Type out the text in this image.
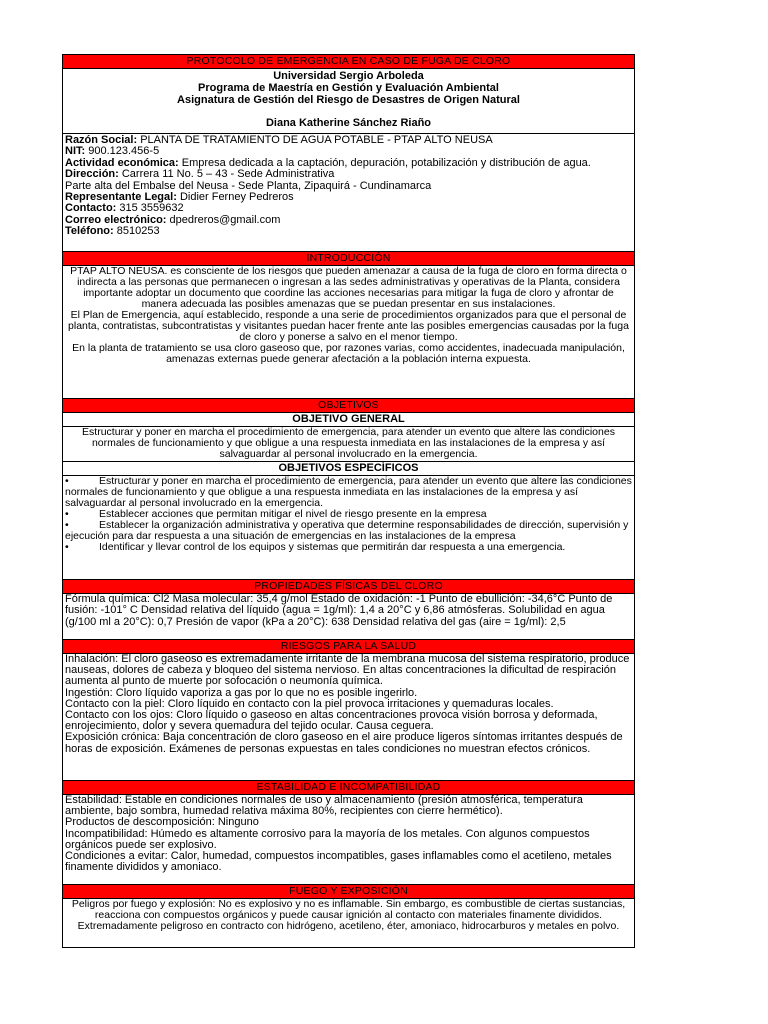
PROTOCOLO DE EMERGENCIA EN CASO DE FUGA DE CLORO
Universidad Sergio Arboleda
Programa de Maestría en Gestión y Evaluación Ambiental
Asignatura de Gestión del Riesgo de Desastres de Origen Natural
Diana Katherine Sánchez Riaño

Razón Social: PLANTA DE TRATAMIENTO DE AGUA POTABLE - PTAP ALTO NEUSA

NIT: 900.123.456-5

Actividad económica: Empresa dedicada a la captación, depuración, potabilización y distribución de agua.

Dirección: Carrera 11 No. 5 – 43 - Sede Administrativa

Parte alta del Embalse del Neusa - Sede Planta, Zipaquirá - Cundinamarca

Representante Legal: Didier Ferney Pedreros

Contacto: 315 3559632

Correo electrónico: dpedreros@gmail.com

Teléfono: 8510253

INTRODUCCIÓN

PTAP ALTO NEUSA. es consciente de los riesgos que pueden amenazar a causa de la fuga de cloro en forma directa o indirecta a las personas que permanecen o ingresan a las sedes administrativas y operativas de la Planta, considera importante adoptar un documento que coordine las acciones necesarias para mitigar la fuga de cloro y afrontar de manera adecuada las posibles amenazas que se puedan presentar en sus instalaciones.

El Plan de Emergencia, aquí establecido, responde a una serie de procedimientos organizados para que el personal de planta, contratistas, subcontratistas y visitantes puedan hacer frente ante las posibles emergencias causadas por la fuga de cloro y ponerse a salvo en el menor tiempo.

En la planta de tratamiento se usa cloro gaseoso que, por razones varias, como accidentes, inadecuada manipulación, amenazas externas puede generar afectación a la población interna expuesta.

OBJETIVOS
OBJETIVO GENERAL
Estructurar y poner en marcha el procedimiento de emergencia, para atender un evento que altere las condiciones normales de funcionamiento y que obligue a una respuesta inmediata en las instalaciones de la empresa y así salvaguardar al personal involucrado en la emergencia.
OBJETIVOS ESPECÍFICOS
•	Estructurar y poner en marcha el procedimiento de emergencia, para atender un evento que altere las condiciones normales de funcionamiento y que obligue a una respuesta inmediata en las instalaciones de la empresa y así salvaguardar al personal involucrado en la emergencia.
•	Establecer acciones que permitan mitigar el nivel de riesgo presente en la empresa
•	Establecer la organización administrativa y operativa que determine responsabilidades de dirección, supervisión y ejecución para dar respuesta a una situación de emergencias en las instalaciones de la empresa
•	Identificar y llevar control de los equipos y sistemas que permitirán dar respuesta a una emergencia.
PROPIEDADES FÍSICAS DEL CLORO
Fórmula química: Cl2 Masa molecular: 35,4 g/mol Estado de oxidación: -1 Punto de ebullición: -34,6°C Punto de fusión: -101° C Densidad relativa del líquido (agua = 1g/ml): 1,4 a 20°C y 6,86 atmósferas. Solubilidad en agua (g/100 ml a 20°C): 0,7 Presión de vapor (kPa a 20°C): 638 Densidad relativa del gas (aire = 1g/ml): 2,5
RIESGOS PARA LA SALUD

Inhalación: El cloro gaseoso es extremadamente irritante de la membrana mucosa del sistema respiratorio, produce nauseas, dolores de cabeza y bloqueo del sistema nervioso. En altas concentraciones la dificultad de respiración aumenta al punto de muerte por sofocación o neumonía química.

Ingestión: Cloro líquido vaporiza a gas por lo que no es posible ingerirlo.

Contacto con la piel: Cloro líquido en contacto con la piel provoca irritaciones y quemaduras locales.

Contacto con los ojos: Cloro líquido o gaseoso en altas concentraciones provoca visión borrosa y deformada, enrojecimiento, dolor y severa quemadura del tejido ocular. Causa ceguera.

Exposición crónica: Baja concentración de cloro gaseoso en el aire produce ligeros síntomas irritantes después de horas de exposición. Exámenes de personas expuestas en tales condiciones no muestran efectos crónicos.

ESTABILIDAD E INCOMPATIBILIDAD

Estabilidad: Estable en condiciones normales de uso y almacenamiento (presión atmosférica, temperatura ambiente, bajo sombra, humedad relativa máxima 80%, recipientes con cierre hermético).

Productos de descomposición: Ninguno

Incompatibilidad: Húmedo es altamente corrosivo para la mayoría de los metales. Con algunos compuestos orgánicos puede ser explosivo.

Condiciones a evitar: Calor, humedad, compuestos incompatibles, gases inflamables como el acetileno, metales finamente divididos y amoniaco.

FUEGO Y EXPOSICIÓN
Peligros por fuego y explosión: No es explosivo y no es inflamable. Sin embargo, es combustible de ciertas sustancias, reacciona con compuestos orgánicos y puede causar ignición al contacto con materiales finamente divididos. Extremadamente peligroso en contracto con hidrógeno, acetileno, éter, amoniaco, hidrocarburos y metales en polvo.
